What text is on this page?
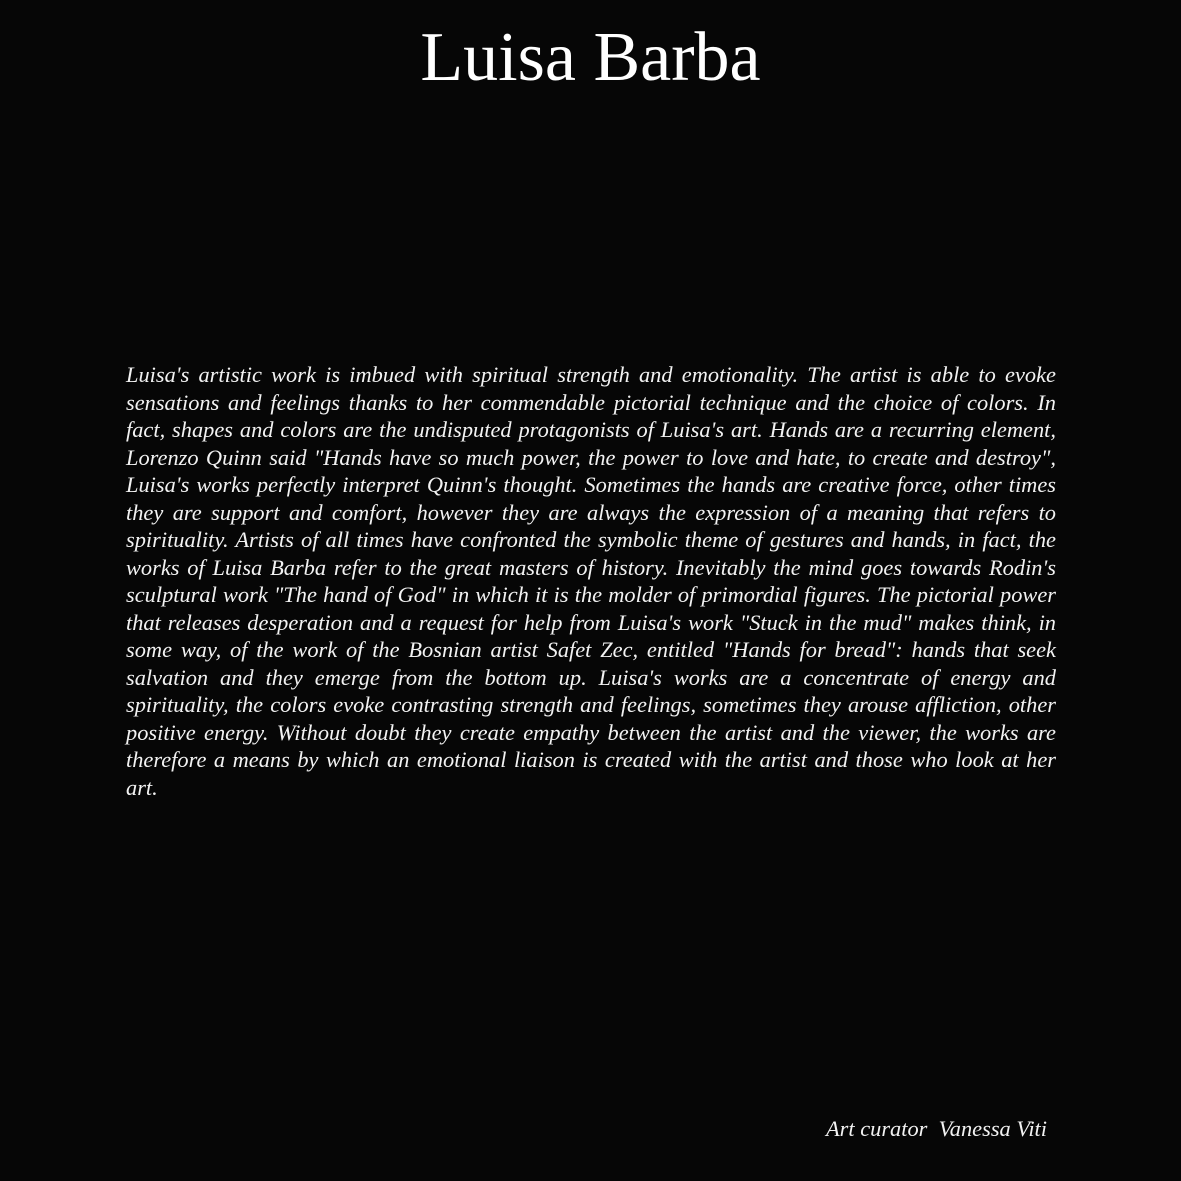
Luisa Barba

Luisa's artistic work is imbued with spiritual strength and emotionality. The artist is able to evoke sensations and feelings thanks to her commendable pictorial technique and the choice of colors. In fact, shapes and colors are the undisputed protagonists of Luisa's art. Hands are a recurring element, Lorenzo Quinn said "Hands have so much power, the power to love and hate, to create and destroy", Luisa's works perfectly interpret Quinn's thought. Sometimes the hands are creative force, other times they are support and comfort, however they are always the expression of a meaning that refers to spirituality. Artists of all times have confronted the symbolic theme of gestures and hands, in fact, the works of Luisa Barba refer to the great masters of history. Inevitably the mind goes towards Rodin's sculptural work "The hand of God" in which it is the molder of primordial figures. The pictorial power that releases desperation and a request for help from Luisa's work "Stuck in the mud" makes think, in some way, of the work of the Bosnian artist Safet Zec, entitled "Hands for bread": hands that seek salvation and they emerge from the bottom up. Luisa's works are a concentrate of energy and spirituality, the colors evoke contrasting strength and feelings, sometimes they arouse affliction, other positive energy. Without doubt they create empathy between the artist and the viewer, the works are therefore a means by which an emotional liaison is created with the artist and those who look at her art.

Art curator  Vanessa Viti
